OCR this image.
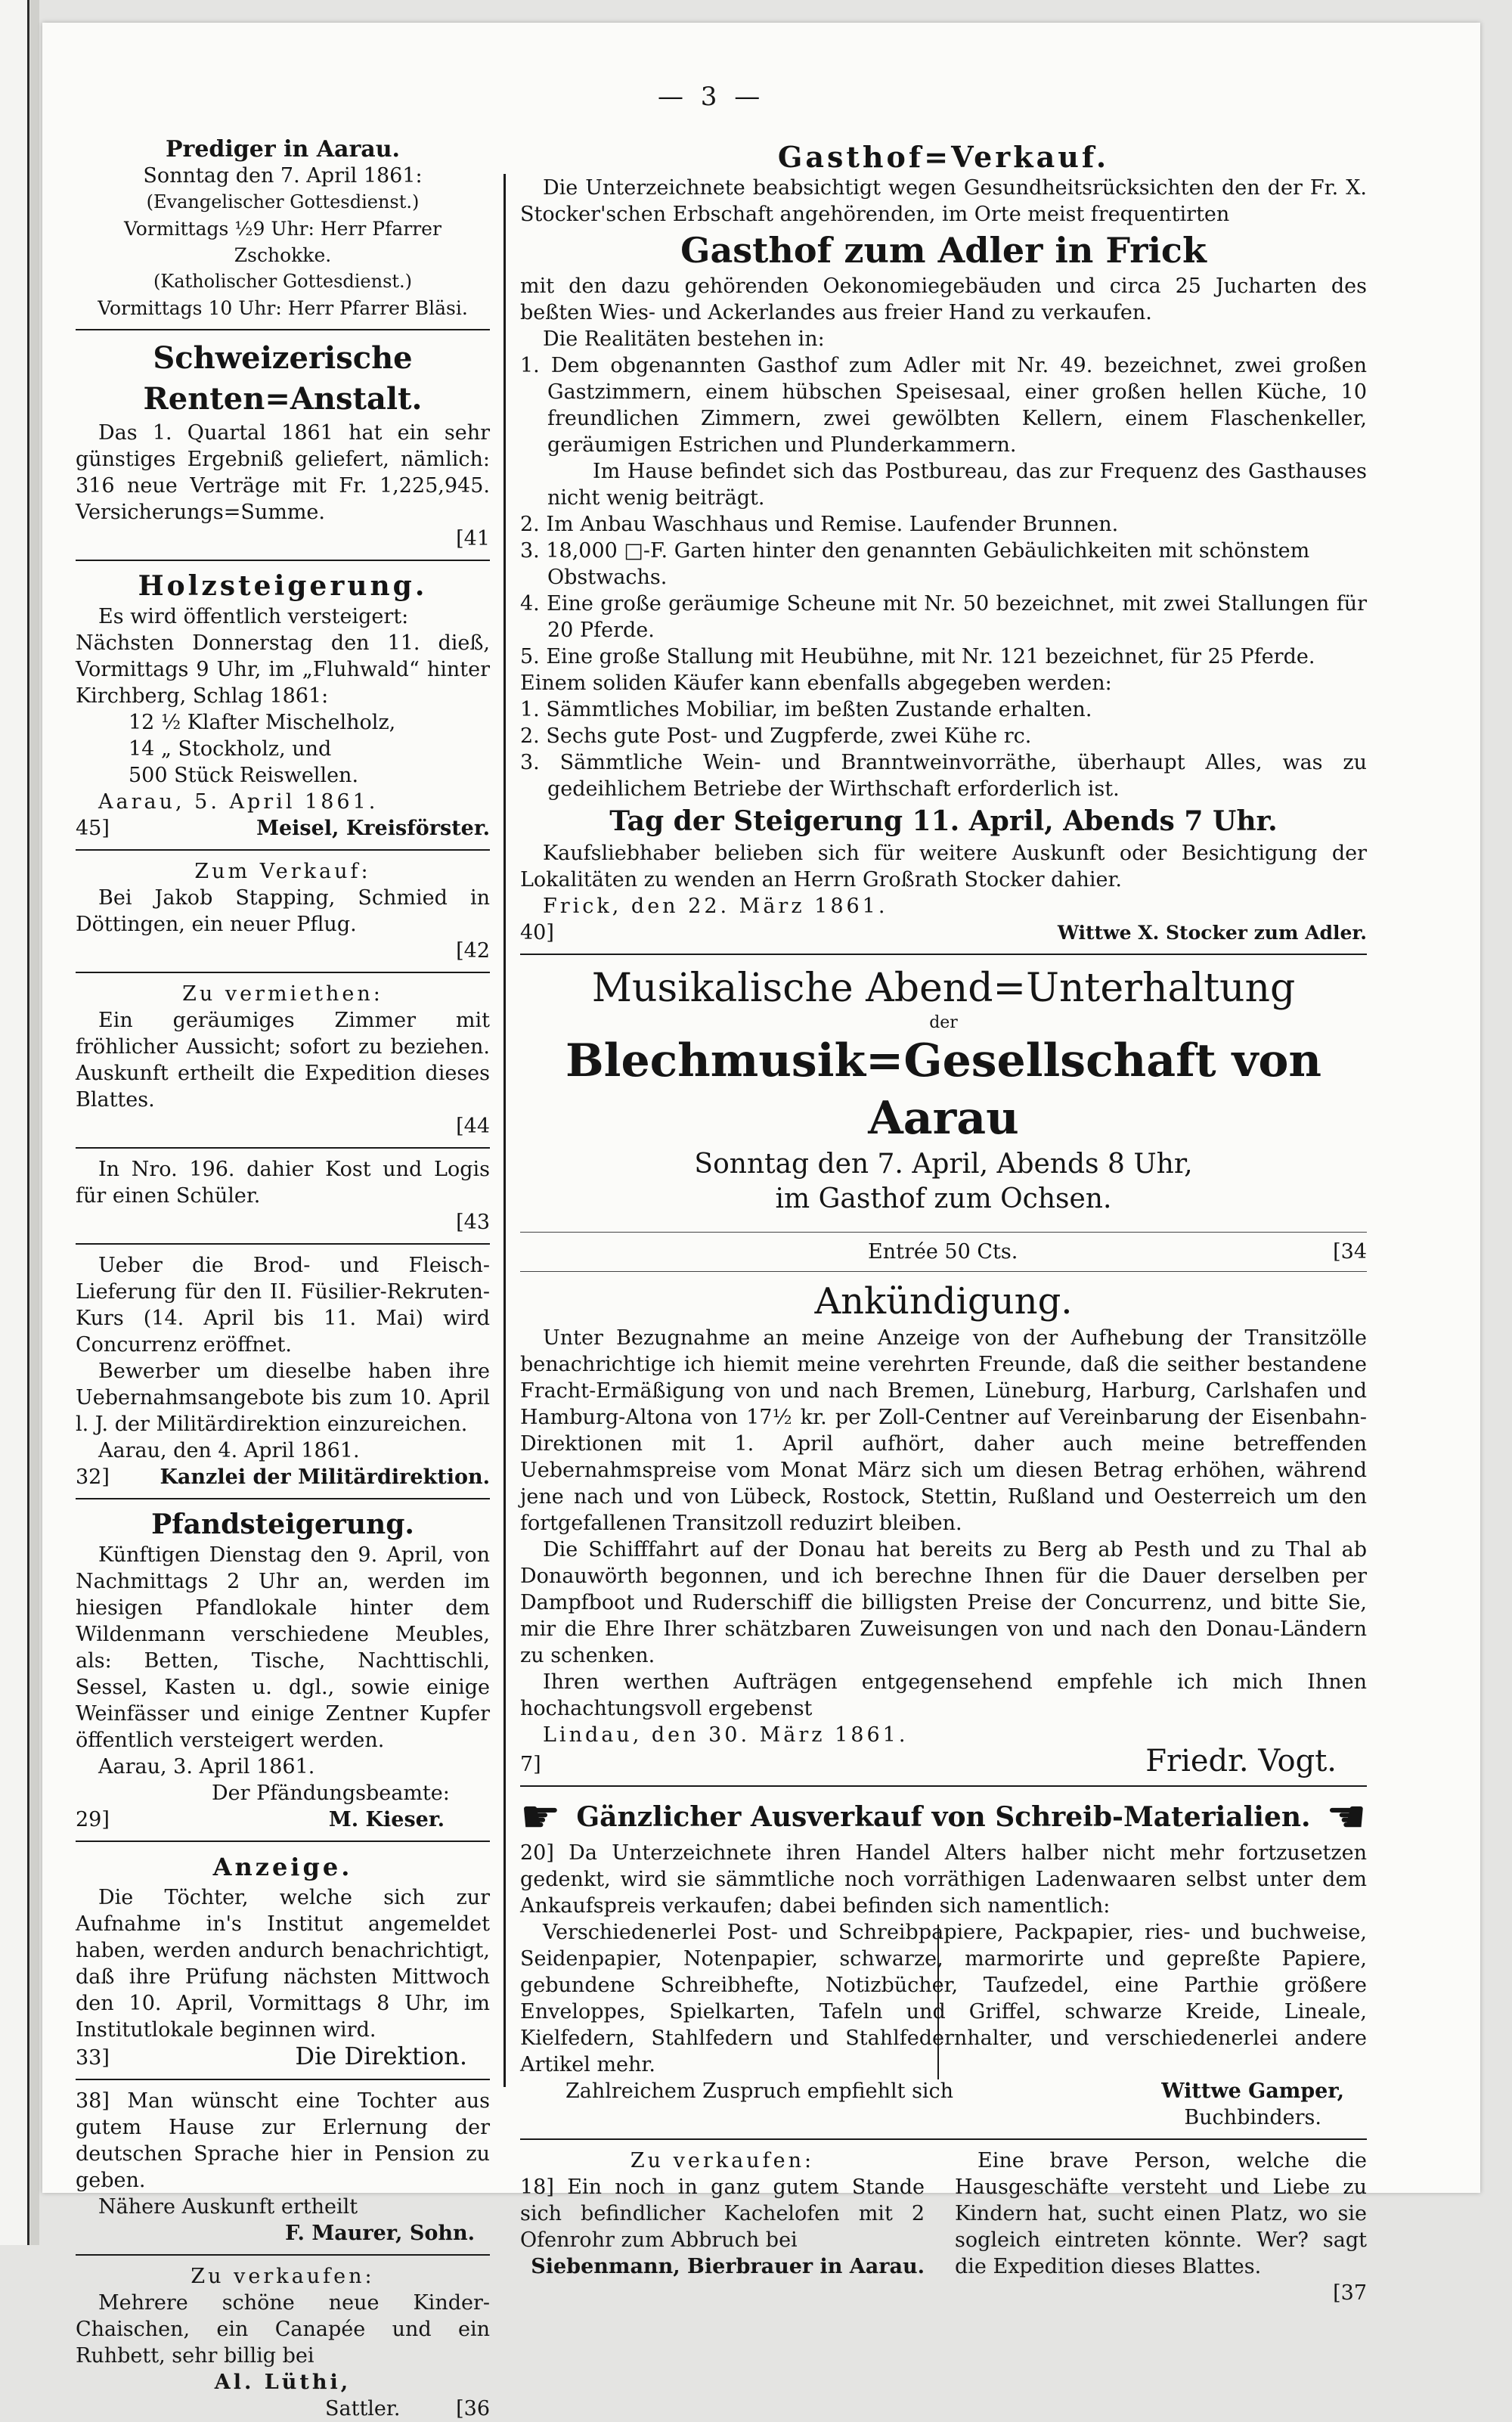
— 3 —
Prediger in Aarau.
Sonntag den 7. April 1861:
(Evangelischer Gottesdienst.)
Vormittags ½9 Uhr: Herr Pfarrer Zschokke.
(Katholischer Gottesdienst.)
Vormittags 10 Uhr: Herr Pfarrer Bläsi.
Schweizerische Renten=Anstalt.
Das 1. Quartal 1861 hat ein sehr günstiges Ergebniß geliefert, nämlich: 316 neue Verträge mit Fr. 1,225,945. Versicherungs=Summe.
[41
Holzsteigerung.
Es wird öffentlich versteigert:
Nächsten Donnerstag den 11. dieß, Vormittags 9 Uhr, im „Fluhwald“ hinter Kirchberg, Schlag 1861:
12 ½ Klafter Mischelholz,
14 „ Stockholz, und
500 Stück Reiswellen.
Aarau, 5. April 1861.
45]	Meisel, Kreisförster.
Zum Verkauf:
Bei Jakob Stapping, Schmied in Döttingen, ein neuer Pflug.
[42
Zu vermiethen:
Ein geräumiges Zimmer mit fröhlicher Aussicht; sofort zu beziehen. Auskunft ertheilt die Expedition dieses Blattes.
[44
In Nro. 196. dahier Kost und Logis für einen Schüler.
[43
Ueber die Brod- und Fleisch-Lieferung für den II. Füsilier-Rekruten-Kurs (14. April bis 11. Mai) wird Concurrenz eröffnet.
Bewerber um dieselbe haben ihre Uebernahmsangebote bis zum 10. April l. J. der Militärdirektion einzureichen.
Aarau, den 4. April 1861.
32] Kanzlei der Militärdirektion.
Pfandsteigerung.
Künftigen Dienstag den 9. April, von Nachmittags 2 Uhr an, werden im hiesigen Pfandlokale hinter dem Wildenmann verschiedene Meubles, als: Betten, Tische, Nachttischli, Sessel, Kasten u. dgl., sowie einige Weinfässer und einige Zentner Kupfer öffentlich versteigert werden.
Aarau, 3. April 1861.
Der Pfändungsbeamte:
29]	M. Kieser.
Anzeige.
Die Töchter, welche sich zur Aufnahme in's Institut angemeldet haben, werden andurch benachrichtigt, daß ihre Prüfung nächsten Mittwoch den 10. April, Vormittags 8 Uhr, im Institutlokale beginnen wird.
33]	Die Direktion.
38] Man wünscht eine Tochter aus gutem Hause zur Erlernung der deutschen Sprache hier in Pension zu geben.
Nähere Auskunft ertheilt
F. Maurer, Sohn.
Zu verkaufen:
Mehrere schöne neue Kinder-Chaischen, ein Canapée und ein Ruhbett, sehr billig bei
Al. Lüthi,
Sattler.	[36
Gasthof=Verkauf.
Die Unterzeichnete beabsichtigt wegen Gesundheitsrücksichten den der Fr. X. Stocker'schen Erbschaft angehörenden, im Orte meist frequentirten
Gasthof zum Adler in Frick
mit den dazu gehörenden Oekonomiegebäuden und circa 25 Jucharten des beßten Wies- und Ackerlandes aus freier Hand zu verkaufen.
Die Realitäten bestehen in:
1. Dem obgenannten Gasthof zum Adler mit Nr. 49. bezeichnet, zwei großen Gastzimmern, einem hübschen Speisesaal, einer großen hellen Küche, 10 freundlichen Zimmern, zwei gewölbten Kellern, einem Flaschenkeller, geräumigen Estrichen und Plunderkammern.
Im Hause befindet sich das Postbureau, das zur Frequenz des Gasthauses nicht wenig beiträgt.
2. Im Anbau Waschhaus und Remise. Laufender Brunnen.
3. 18,000 □-F. Garten hinter den genannten Gebäulichkeiten mit schönstem Obstwachs.
4. Eine große geräumige Scheune mit Nr. 50 bezeichnet, mit zwei Stallungen für 20 Pferde.
5. Eine große Stallung mit Heubühne, mit Nr. 121 bezeichnet, für 25 Pferde.
Einem soliden Käufer kann ebenfalls abgegeben werden:
1. Sämmtliches Mobiliar, im beßten Zustande erhalten.
2. Sechs gute Post- und Zugpferde, zwei Kühe rc.
3. Sämmtliche Wein- und Branntweinvorräthe, überhaupt Alles, was zu gedeihlichem Betriebe der Wirthschaft erforderlich ist.
Tag der Steigerung 11. April, Abends 7 Uhr.
Kaufsliebhaber belieben sich für weitere Auskunft oder Besichtigung der Lokalitäten zu wenden an Herrn Großrath Stocker dahier.
Frick, den 22. März 1861.
40]	Wittwe X. Stocker zum Adler.
Musikalische Abend=Unterhaltung
der
Blechmusik=Gesellschaft von Aarau
Sonntag den 7. April, Abends 8 Uhr,
im Gasthof zum Ochsen.
Entrée 50 Cts.	[34
Ankündigung.
Unter Bezugnahme an meine Anzeige von der Aufhebung der Transitzölle benachrichtige ich hiemit meine verehrten Freunde, daß die seither bestandene Fracht-Ermäßigung von und nach Bremen, Lüneburg, Harburg, Carlshafen und Hamburg-Altona von 17½ kr. per Zoll-Centner auf Vereinbarung der Eisenbahn-Direktionen mit 1. April aufhört, daher auch meine betreffenden Uebernahmspreise vom Monat März sich um diesen Betrag erhöhen, während jene nach und von Lübeck, Rostock, Stettin, Rußland und Oesterreich um den fortgefallenen Transitzoll reduzirt bleiben.
Die Schifffahrt auf der Donau hat bereits zu Berg ab Pesth und zu Thal ab Donauwörth begonnen, und ich berechne Ihnen für die Dauer derselben per Dampfboot und Ruderschiff die billigsten Preise der Concurrenz, und bitte Sie, mir die Ehre Ihrer schätzbaren Zuweisungen von und nach den Donau-Ländern zu schenken.
Ihren werthen Aufträgen entgegensehend empfehle ich mich Ihnen hochachtungsvoll ergebenst
Lindau, den 30. März 1861.
7]	Friedr. Vogt.
☛ Gänzlicher Ausverkauf von Schreib-Materialien. ☛
20] Da Unterzeichnete ihren Handel Alters halber nicht mehr fortzusetzen gedenkt, wird sie sämmtliche noch vorräthigen Ladenwaaren selbst unter dem Ankaufspreis verkaufen; dabei befinden sich namentlich:
Verschiedenerlei Post- und Schreibpapiere, Packpapier, ries- und buchweise, Seidenpapier, Notenpapier, schwarze, marmorirte und gepreßte Papiere, gebundene Schreibhefte, Notizbücher, Taufzedel, eine Parthie größere Enveloppes, Spielkarten, Tafeln und Griffel, schwarze Kreide, Lineale, Kielfedern, Stahlfedern und Stahlfedernhalter, und verschiedenerlei andere Artikel mehr.
Zahlreichem Zuspruch empfiehlt sich	Wittwe Gamper,
Buchbinders.
Zu verkaufen:
18] Ein noch in ganz gutem Stande sich befindlicher Kachelofen mit 2 Ofenrohr zum Abbruch bei
Siebenmann, Bierbrauer in Aarau.
Eine brave Person, welche die Hausgeschäfte versteht und Liebe zu Kindern hat, sucht einen Platz, wo sie sogleich eintreten könnte. Wer? sagt die Expedition dieses Blattes.
[37
